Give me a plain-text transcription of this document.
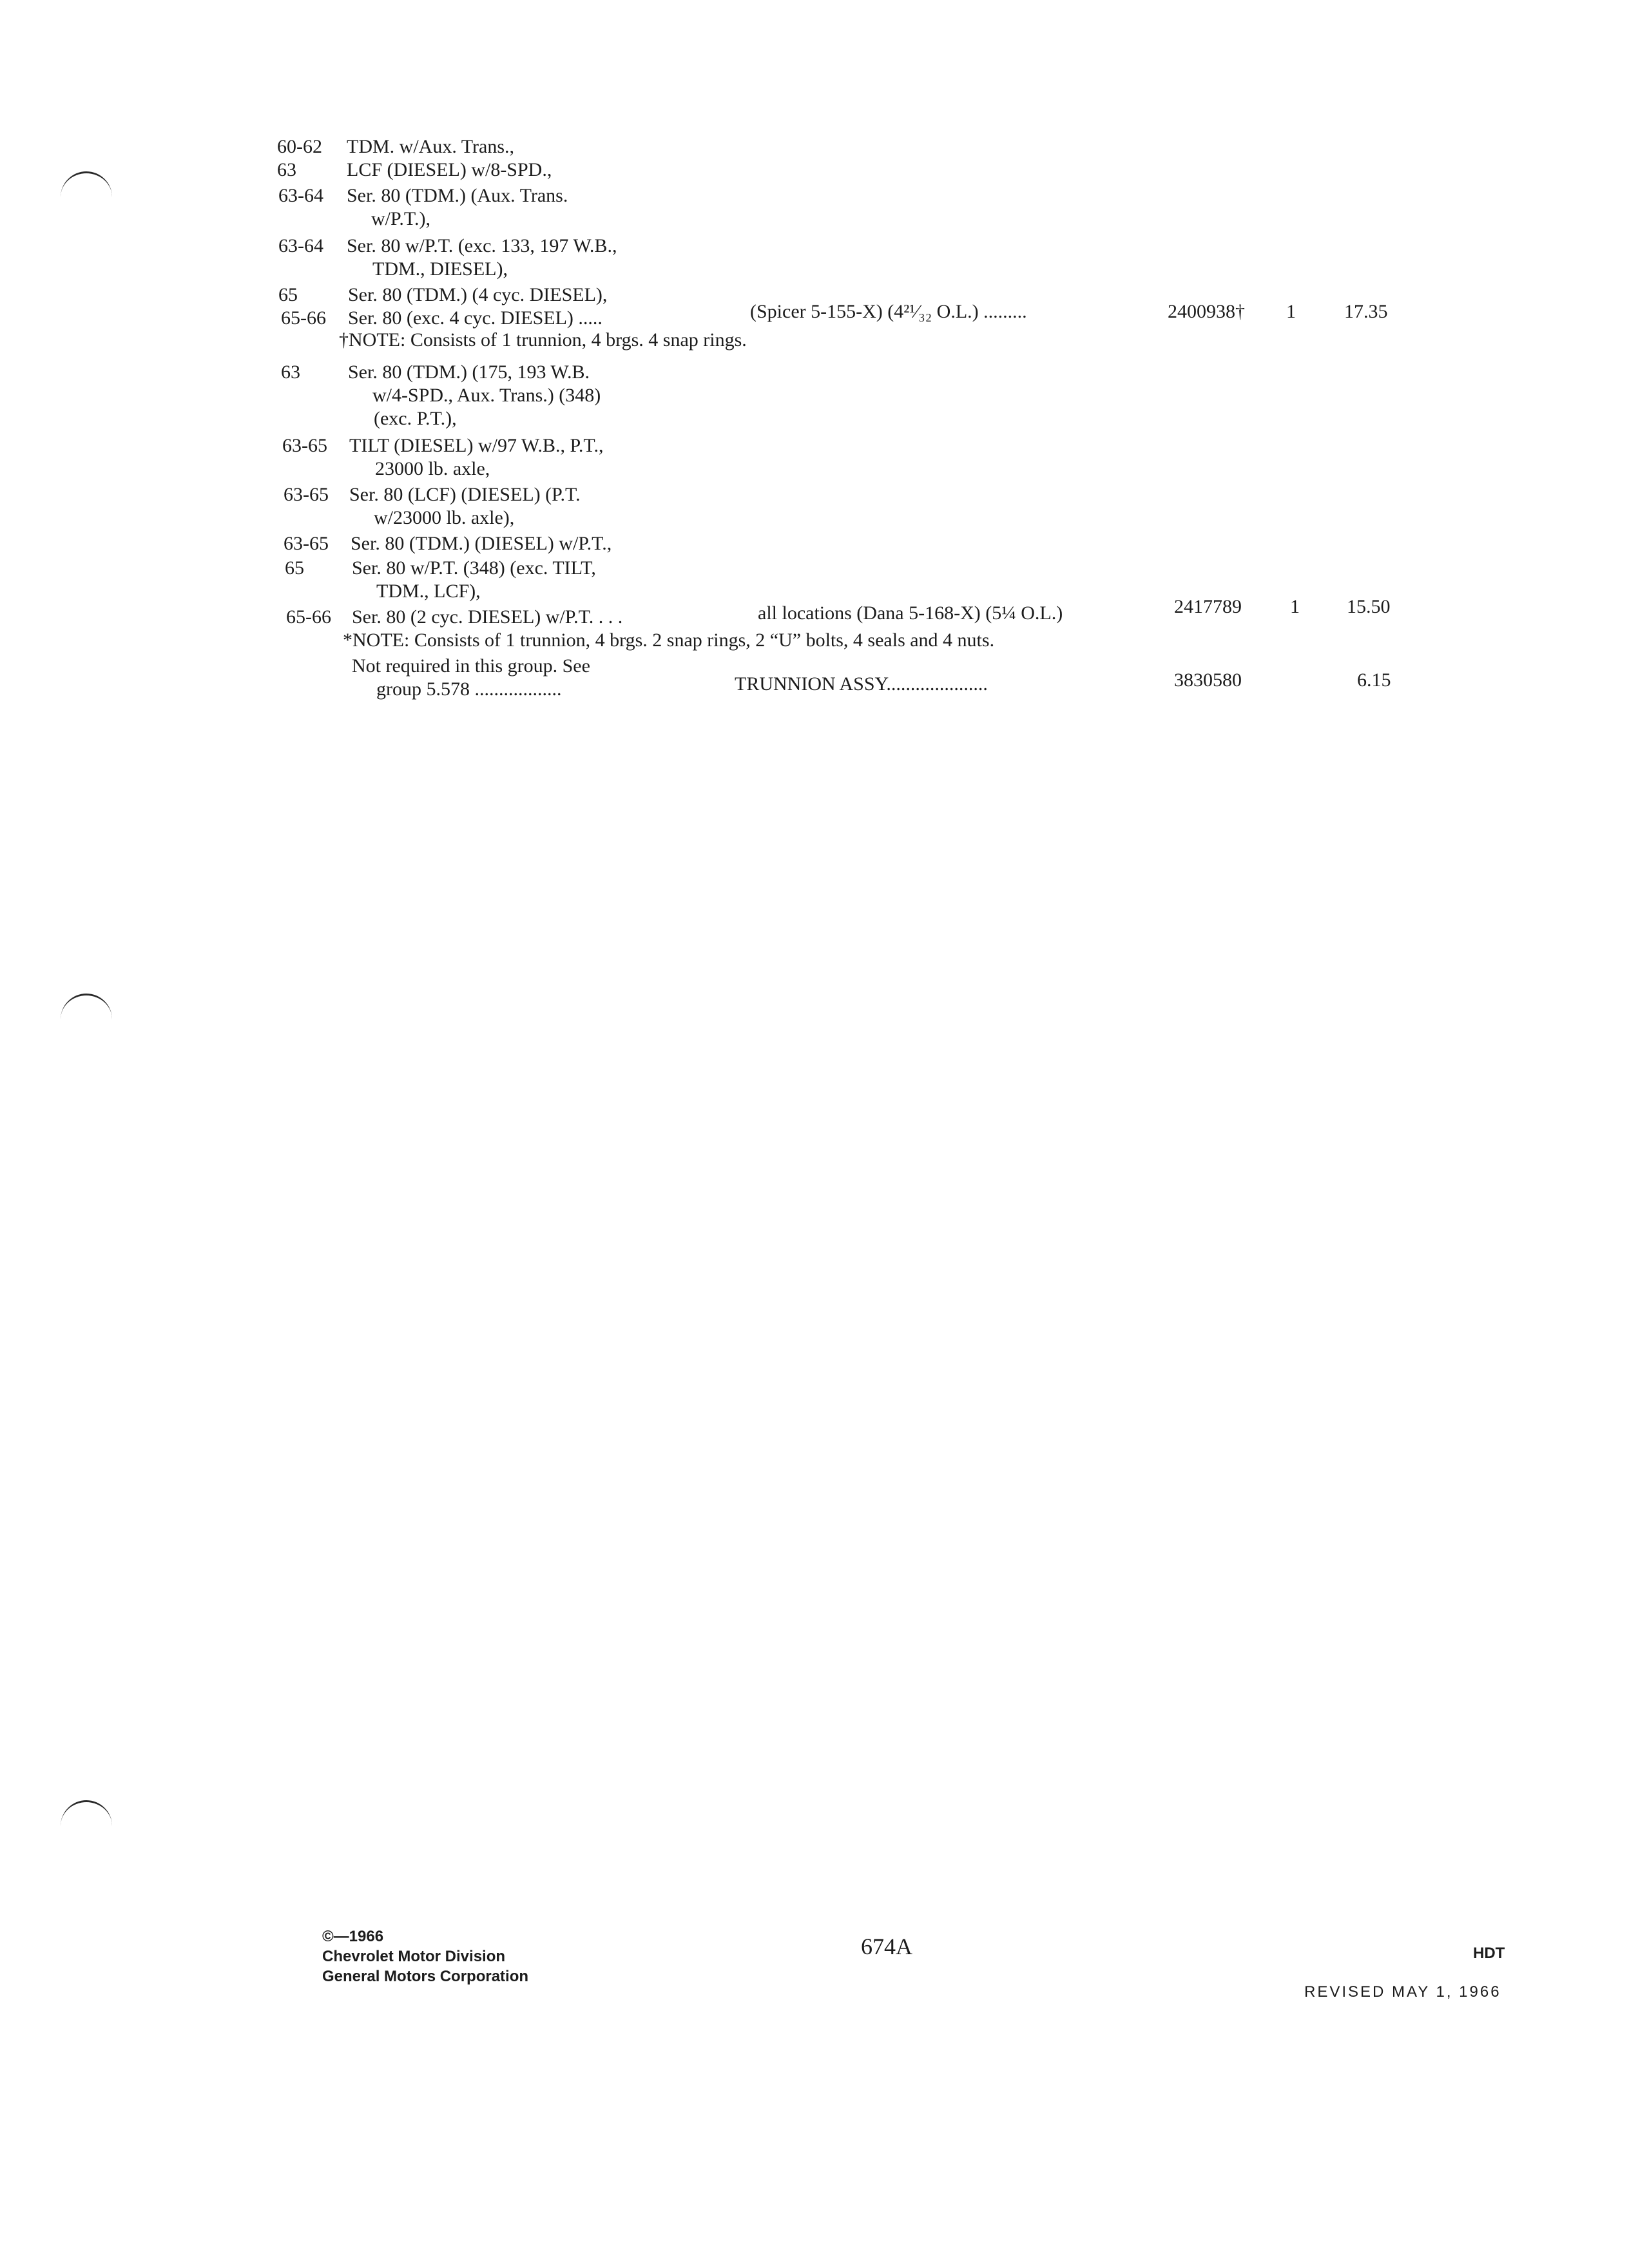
60-62 TDM. w/Aux. Trans.,
63	LCF (DIESEL) w/8-SPD.,
63-64 Ser. 80 (TDM.) (Aux. Trans.
w/P.T.),
63-64 Ser. 80 w/P.T. (exc. 133, 197 W.B.,
TDM., DIESEL),
65	Ser. 80 (TDM.) (4 cyc. DIESEL),
65-66 Ser. 80 (exc. 4 cyc. DIESEL) .....	(Spicer 5-155-X) (4²¹⁄₃₂ O.L.) .........	2400938† 1	17.35
†NOTE: Consists of 1 trunnion, 4 brgs. 4 snap rings.
63 Ser. 80 (TDM.) (175, 193 W.B.
w/4-SPD., Aux. Trans.) (348)
(exc. P.T.),
63-65 TILT (DIESEL) w/97 W.B., P.T.,
23000 lb. axle,
63-65 Ser. 80 (LCF) (DIESEL) (P.T.
w/23000 lb. axle),
63-65 Ser. 80 (TDM.) (DIESEL) w/P.T.,
65 Ser. 80 w/P.T. (348) (exc. TILT,
TDM., LCF),
65-66 Ser. 80 (2 cyc. DIESEL) w/P.T. . . .	all locations (Dana 5-168-X) (5¼ O.L.)	2417789	1 15.50
*NOTE: Consists of 1 trunnion, 4 brgs. 2 snap rings, 2 “U” bolts, 4 seals and 4 nuts.
Not required in this group. See
group 5.578 ..................	TRUNNION ASSY.....................	3830580	6.15
©—1966
Chevrolet Motor Division
General Motors Corporation
674A	HDT
REVISED MAY 1, 1966
